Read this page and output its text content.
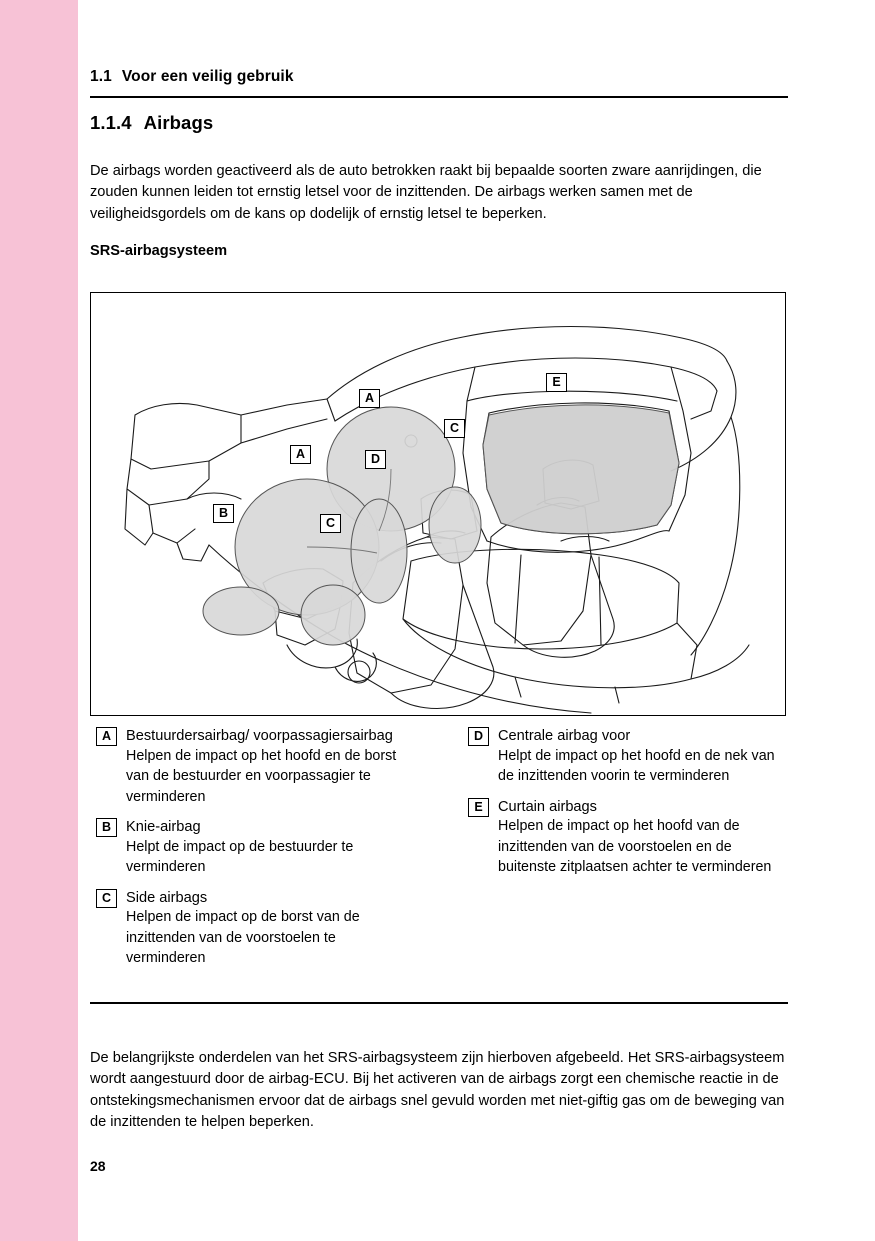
1.1 Voor een veilig gebruik
1.1.4 Airbags

De airbags worden geactiveerd als de auto betrokken raakt bij bepaalde soorten zware aanrijdingen, die zouden kunnen leiden tot ernstig letsel voor de inzittenden. De airbags werken samen met de veiligheidsgordels om de kans op dodelijk of ernstig letsel te beperken.

SRS-airbagsysteem
A
A
B
C
C
D
E
A	Bestuurdersairbag/ voorpassagiersairbag
Helpen de impact op het hoofd en de borst van de bestuurder en voorpassagier te verminderen
B	Knie-airbag
Helpt de impact op de bestuurder te verminderen
C	Side airbags
Helpen de impact op de borst van de inzittenden van de voorstoelen te verminderen
D	Centrale airbag voor
Helpt de impact op het hoofd en de nek van de inzittenden voorin te verminderen
E	Curtain airbags
Helpen de impact op het hoofd van de inzittenden van de voorstoelen en de buitenste zitplaatsen achter te verminderen

De belangrijkste onderdelen van het SRS-airbagsysteem zijn hierboven afgebeeld. Het SRS-airbagsysteem wordt aangestuurd door de airbag-ECU. Bij het activeren van de airbags zorgt een chemische reactie in de ontstekingsmechanismen ervoor dat de airbags snel gevuld worden met niet-giftig gas om de beweging van de inzittenden te helpen beperken.

28
